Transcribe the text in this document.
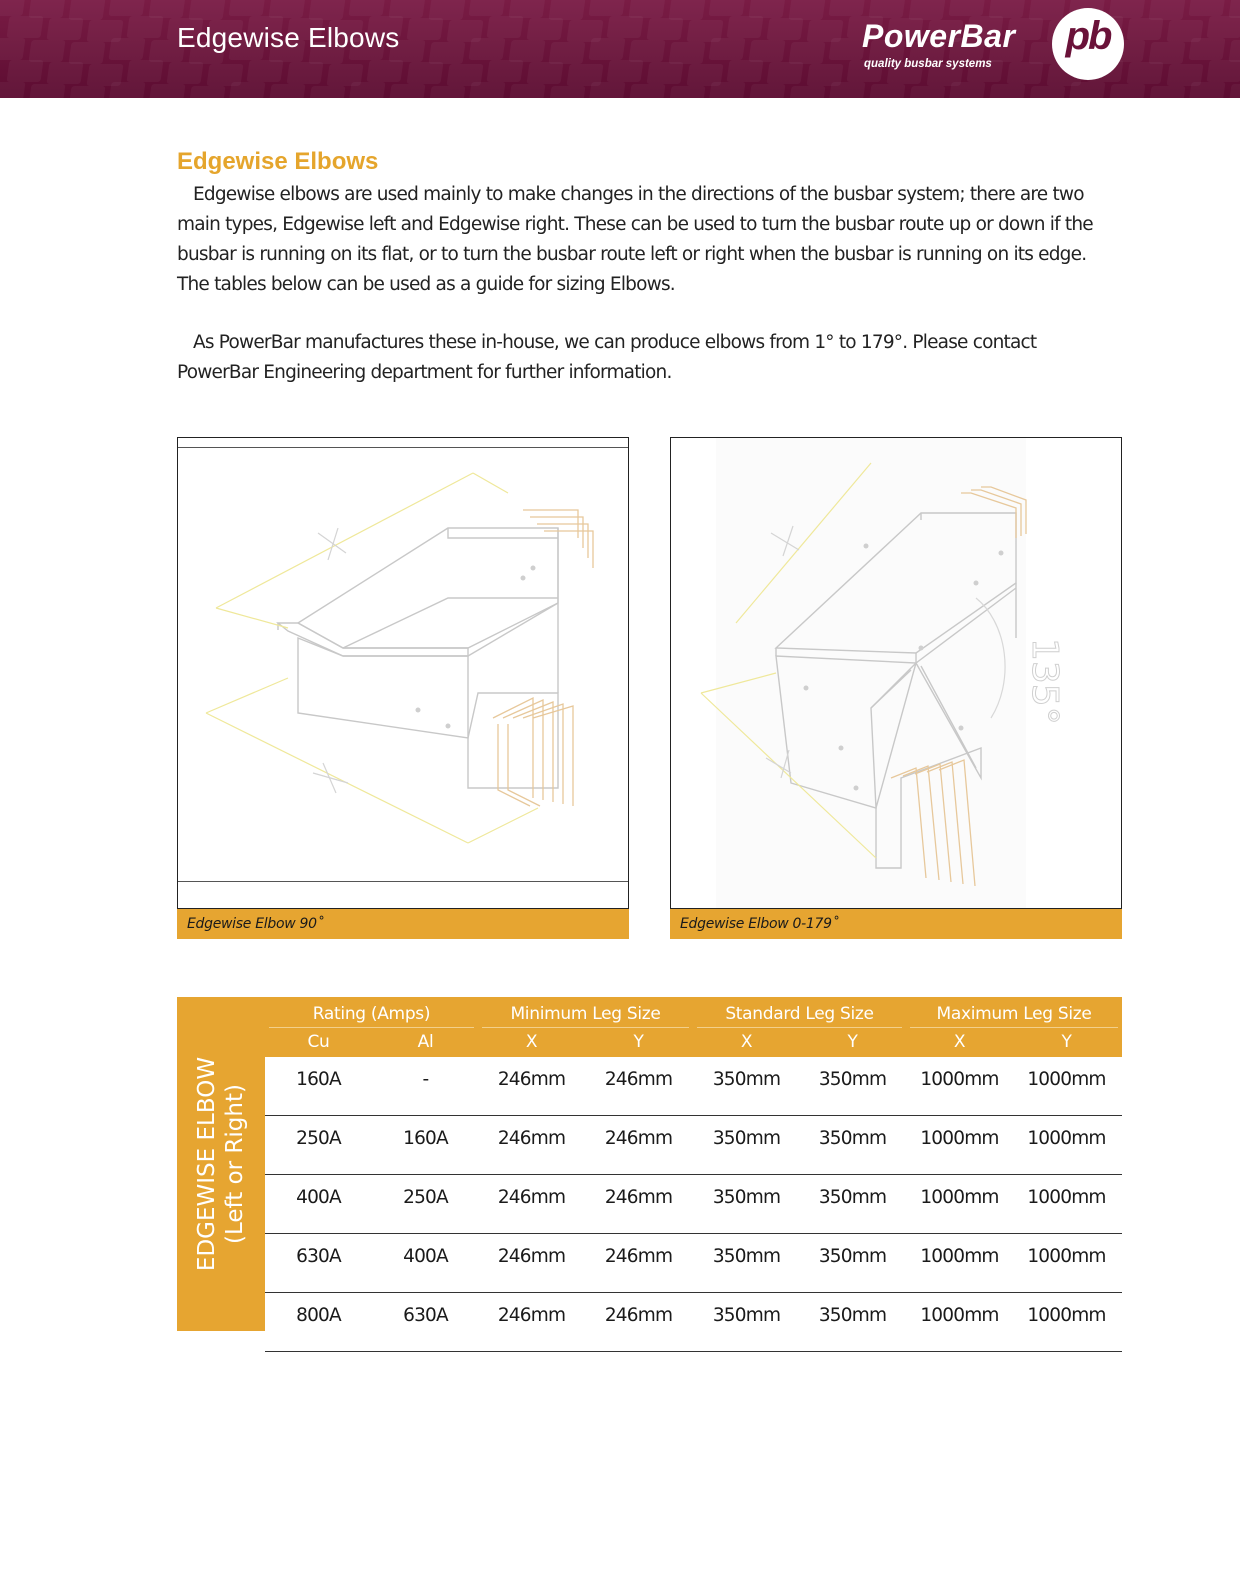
Edgewise Elbows	PowerBar
quality busbar systems
pb
Edgewise Elbows
Edgewise elbows are used mainly to make changes in the directions of the busbar system; there are two main types, Edgewise left and Edgewise right. These can be used to turn the busbar route up or down if the busbar is running on its flat, or to turn the busbar route left or right when the busbar is running on its edge. The tables below can be used as a guide for sizing Elbows.
As PowerBar manufactures these in-house, we can produce elbows from 1° to 179°. Please contact PowerBar Engineering department for further information.
Edgewise Elbow 90˚
135°
Edgewise Elbow 0-179˚
EDGEWISE ELBOW (Left or Right)
Rating (Amps)	Minimum Leg Size	Standard Leg Size	Maximum Leg Size
Cu	Al	X	Y	X	Y	X	Y
160A	-	246mm	246mm	350mm	350mm	1000mm	1000mm
250A	160A	246mm	246mm	350mm	350mm	1000mm	1000mm
400A	250A	246mm	246mm	350mm	350mm	1000mm	1000mm
630A	400A	246mm	246mm	350mm	350mm	1000mm	1000mm
800A	630A	246mm	246mm	350mm	350mm	1000mm	1000mm
